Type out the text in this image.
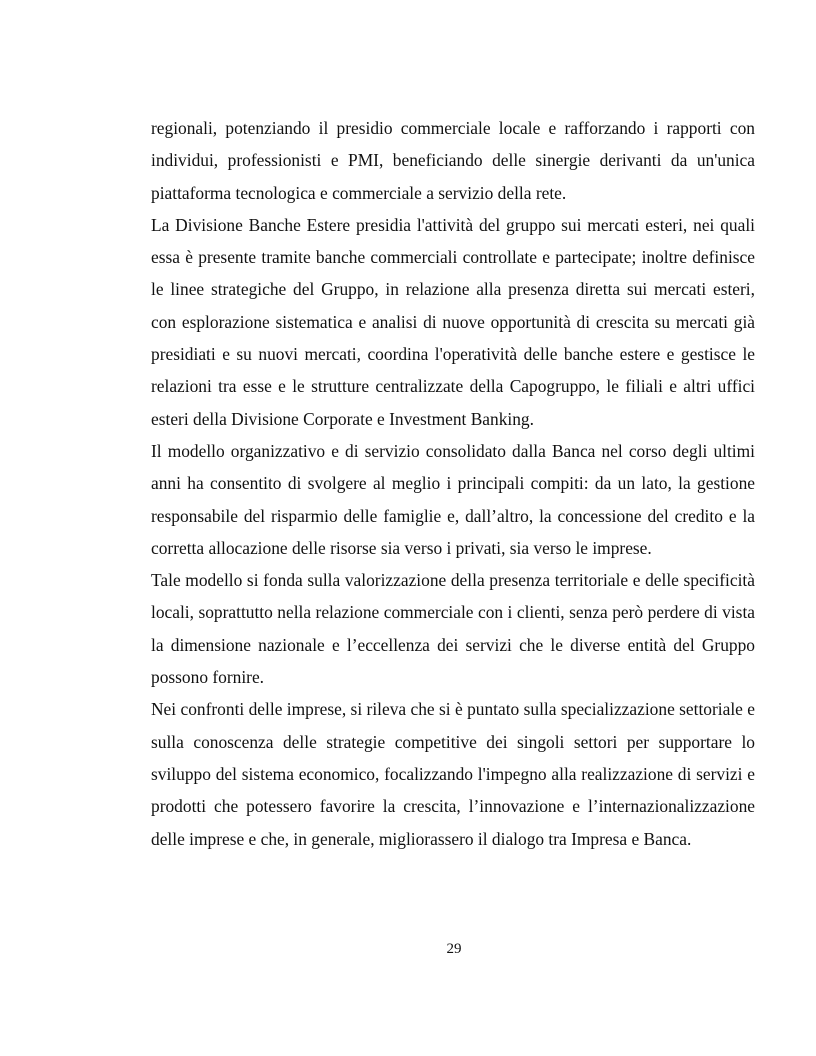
regionali, potenziando il presidio commerciale locale e rafforzando i rapporti con individui, professionisti e PMI, beneficiando delle sinergie derivanti da un'unica piattaforma tecnologica e commerciale a servizio della rete.

La Divisione Banche Estere presidia l'attività del gruppo sui mercati esteri, nei quali essa è presente tramite banche commerciali controllate e partecipate; inoltre definisce le linee strategiche del Gruppo, in relazione alla presenza diretta sui mercati esteri, con esplorazione sistematica e analisi di nuove opportunità di crescita su mercati già presidiati e su nuovi mercati, coordina l'operatività delle banche estere e gestisce le relazioni tra esse e le strutture centralizzate della Capogruppo, le filiali e altri uffici esteri della Divisione Corporate e Investment Banking.

Il modello organizzativo e di servizio consolidato dalla Banca nel corso degli ultimi anni ha consentito di svolgere al meglio i principali compiti: da un lato, la gestione responsabile del risparmio delle famiglie e, dall’altro, la concessione del credito e la corretta allocazione delle risorse sia verso i privati, sia verso le imprese.

Tale modello si fonda sulla valorizzazione della presenza territoriale e delle specificità locali, soprattutto nella relazione commerciale con i clienti, senza però perdere di vista la dimensione nazionale e l’eccellenza dei servizi che le diverse entità del Gruppo possono fornire.

Nei confronti delle imprese, si rileva che si è puntato sulla specializzazione settoriale e sulla conoscenza delle strategie competitive dei singoli settori per supportare lo sviluppo del sistema economico, focalizzando l'impegno alla realizzazione di servizi e prodotti che potessero favorire la crescita, l’innovazione e l’internazionalizzazione delle imprese e che, in generale, migliorassero il dialogo tra Impresa e Banca.

29
